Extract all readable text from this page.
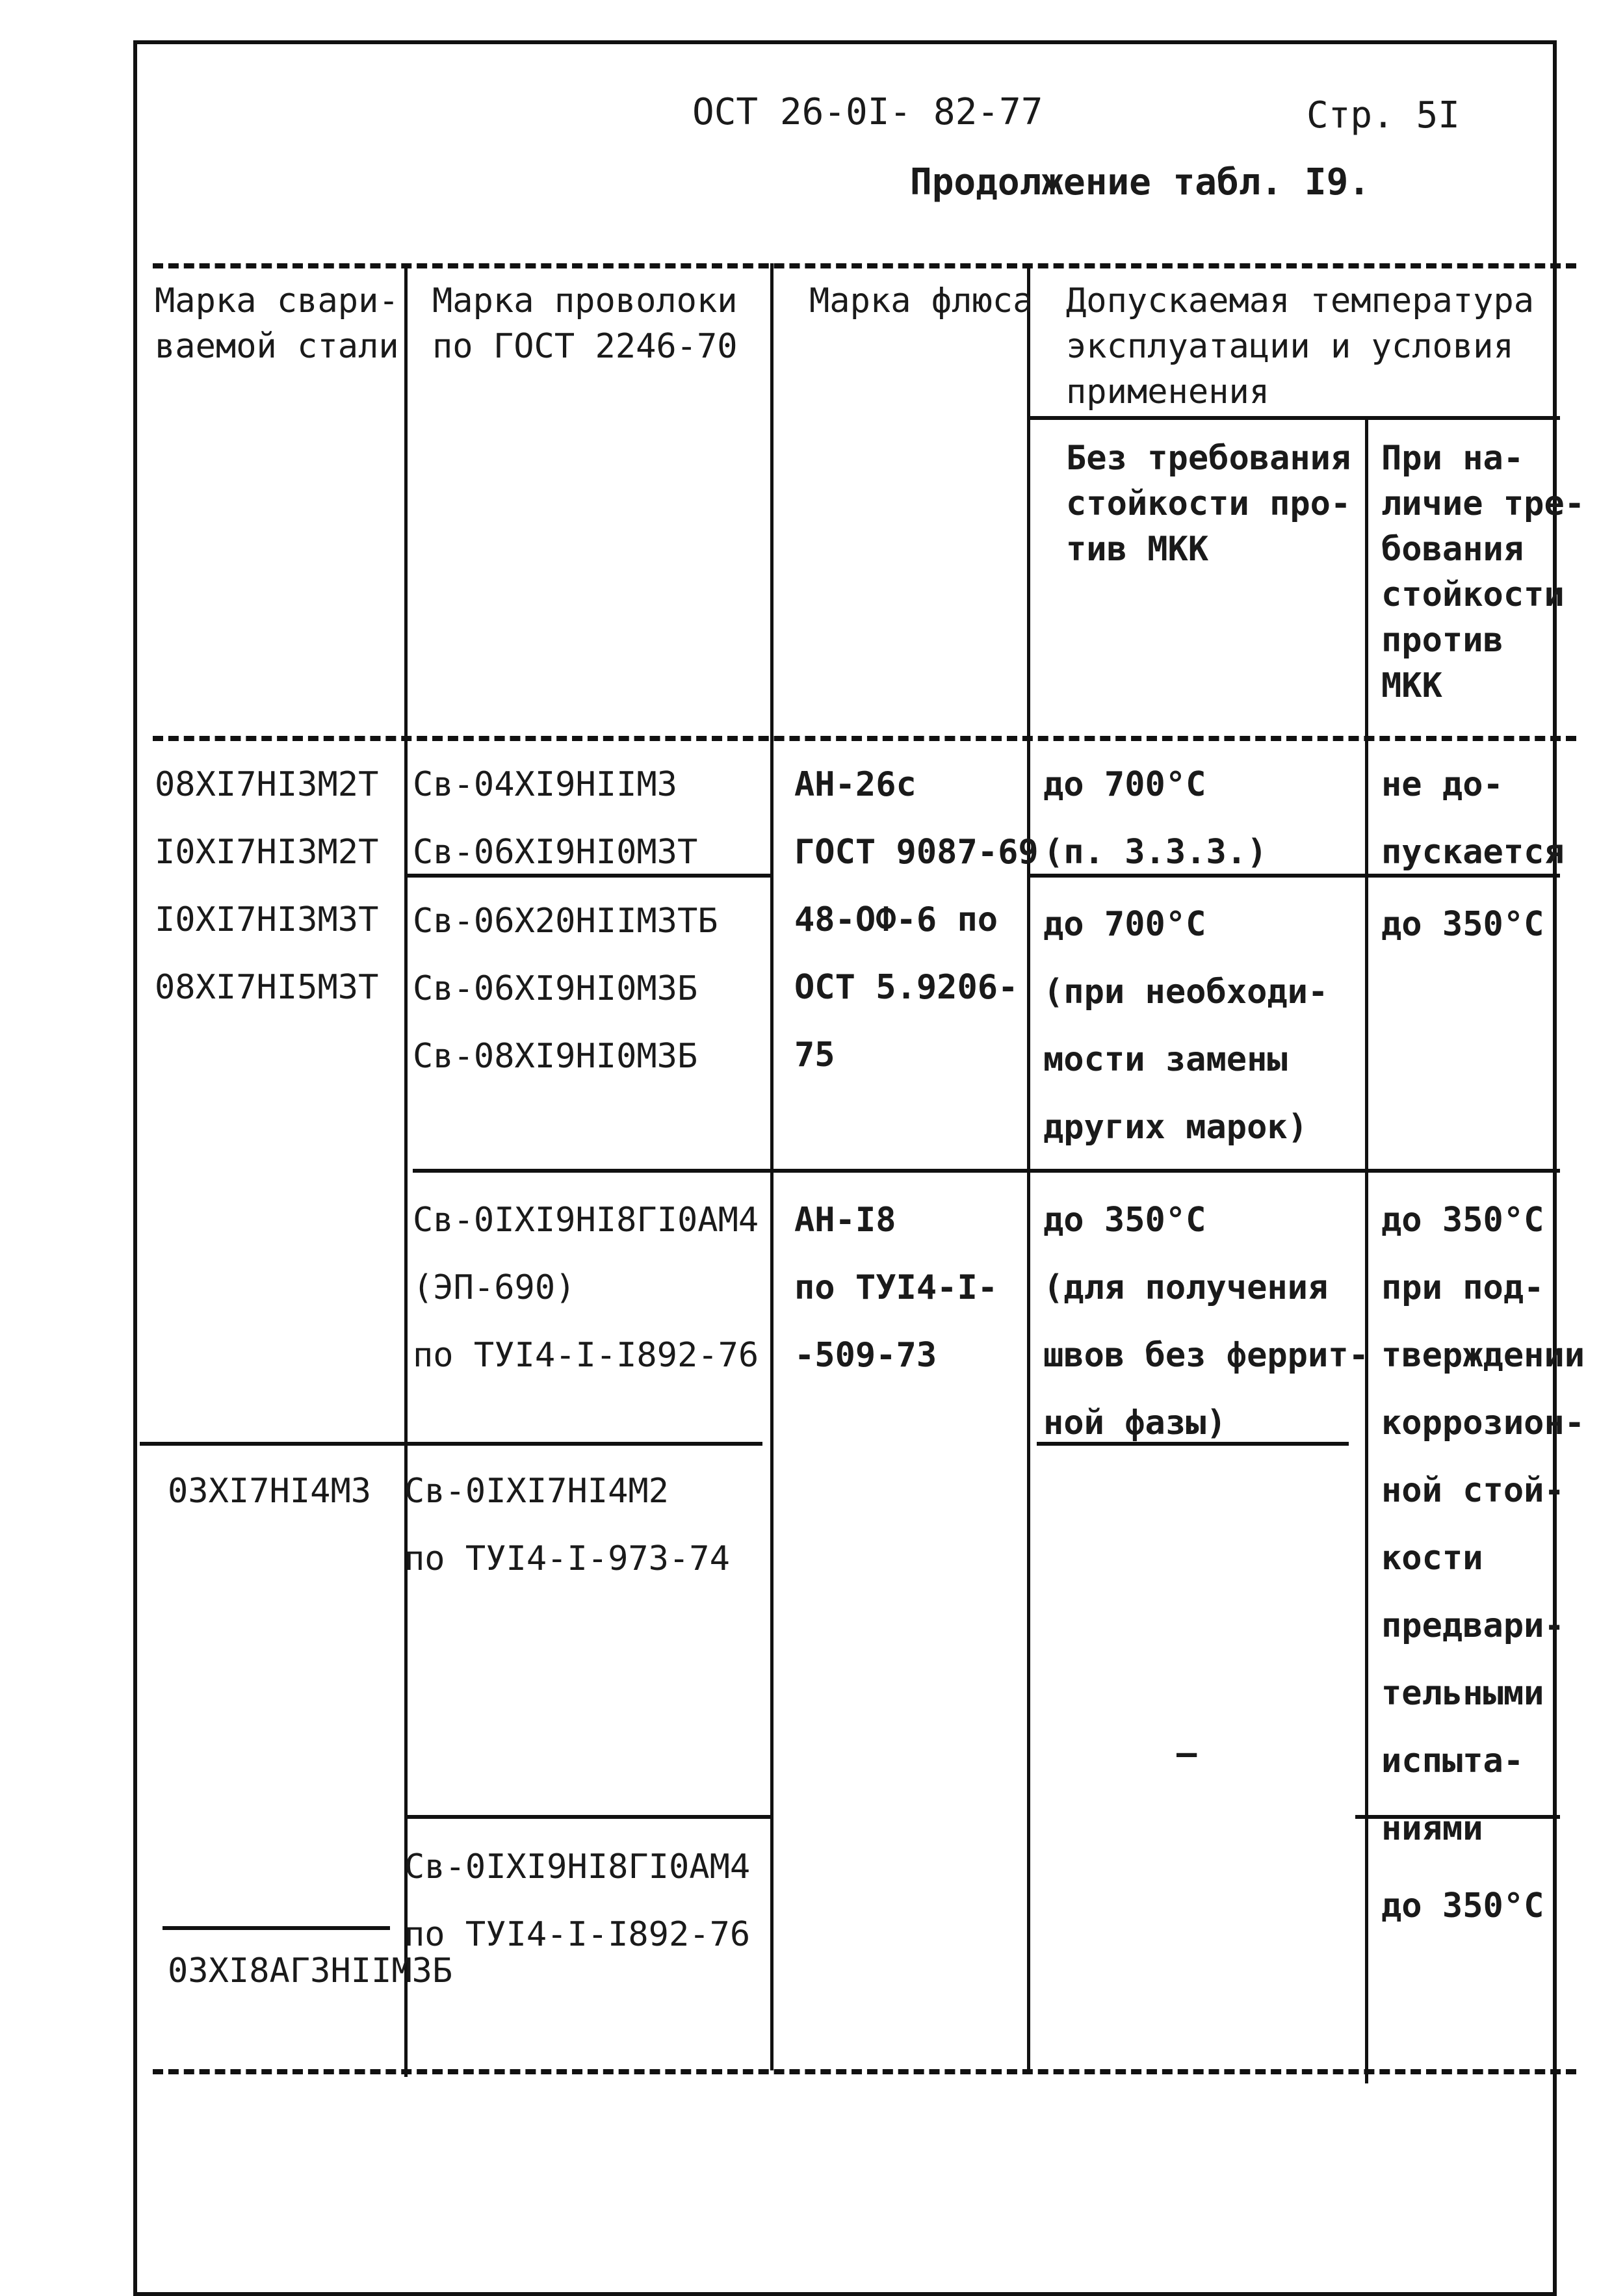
ОСТ 26-0I- 82-77	Стр. 5I
Продолжение табл. I9.
Марка свари-
ваемой стали
Марка проволоки
по ГОСТ 2246-70
Марка флюса Допускаемая температура
эксплуатации и условия
применения
Без требования
стойкости про-
тив МКК
При на-
личие тре-
бования
стойкости
против
МКК
08XI7HI3M2T
I0XI7HI3M2T
I0XI7HI3M3T
08XI7HI5M3T
Св-04XI9HIIM3
Св-06XI9HI0M3T
Св-06X20HIIM3ТБ
Св-06XI9HI0M3Б
Св-08XI9HI0M3Б
АН-26с
ГОСТ 9087-69
48-ОФ-6 по
ОСТ 5.9206-
75
до 700°С
(п. 3.3.3.)
не до-
пускается
до 700°С
(при необходи-
мости замены
других марок)
до 350°С
Св-0IXI9HI8ГI0AM4
(ЭП-690)
по ТУI4-I-I892-76
АН-I8
по ТУI4-I-
-509-73
до 350°С
(для получения
швов без феррит-
ной фазы)
до 350°С
при под-
тверждении
коррозион-
ной стой-
кости
предвари-
тельными
испыта-
ниями
03XI7HI4M3 Св-0IXI7HI4M2
по ТУI4-I-973-74
—
Св-0IXI9HI8ГI0AM4
по ТУI4-I-I892-76
03XI8AГ3HIIM3Б
до 350°С
